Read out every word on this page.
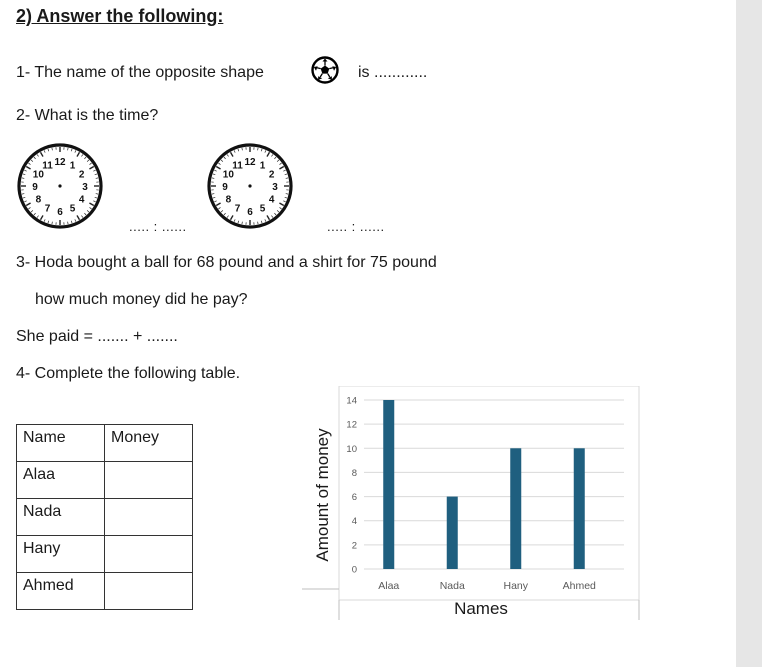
2) Answer the following:
1- The name of the opposite shape	is ............
2- What is the time?
12 1
2
3
4
5
6
7
8
9
10
11	12 1
2
3
4
5
6
7
8
9
10
11
..... : ......	..... : ......
3- Hoda bought a ball for 68 pound and a shirt for 75 pound
how much money did he pay?
She paid = ....... + .......
4- Complete the following table.
Name	Money
Alaa	
Nada	
Hany	
Ahmed	
0
2
4
6
8
10
12
14
Alaa	Nada	Hany	Ahmed
Names
Amount of money
